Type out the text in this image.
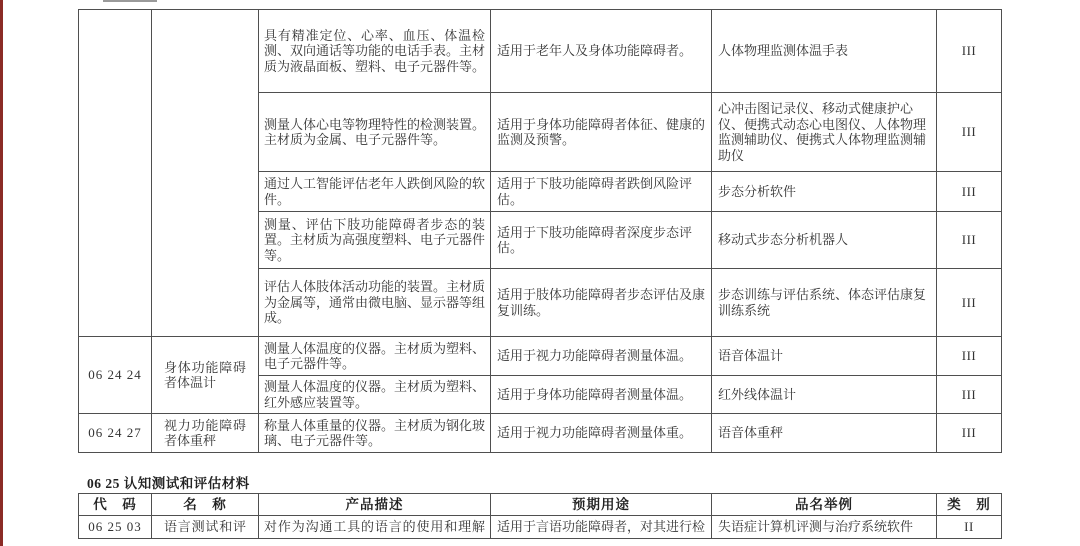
		具有精准定位、心率、血压、体温检测、双向通话等功能的电话手表。主材质为液晶面板、塑料、电子元器件等。	适用于老年人及身体功能障碍者。	人体物理监测体温手表	III
		测量人体心电等物理特性的检测装置。主材质为金属、电子元器件等。	适用于身体功能障碍者体征、健康的监测及预警。	心冲击图记录仪、移动式健康护心仪、便携式动态心电图仪、人体物理监测辅助仪、便携式人体物理监测辅助仪	III
		通过人工智能评估老年人跌倒风险的软件。	适用于下肢功能障碍者跌倒风险评估。	步态分析软件	III
		测量、评估下肢功能障碍者步态的装置。主材质为高强度塑料、电子元器件等。	适用于下肢功能障碍者深度步态评估。	移动式步态分析机器人	III
		评估人体肢体活动功能的装置。主材质为金属等，通常由微电脑、显示器等组成。	适用于肢体功能障碍者步态评估及康复训练。	步态训练与评估系统、体态评估康复训练系统	III
06 24 24	身体功能障碍者体温计	测量人体温度的仪器。主材质为塑料、电子元器件等。	适用于视力功能障碍者测量体温。	语音体温计	III
		测量人体温度的仪器。主材质为塑料、红外感应装置等。	适用于身体功能障碍者测量体温。	红外线体温计	III
06 24 27	视力功能障碍者体重秤	称量人体重量的仪器。主材质为钢化玻璃、电子元器件等。	适用于视力功能障碍者测量体重。	语音体重秤	III
06 25 认知测试和评估材料
代　码	名　称	产品描述	预期用途	品名举例	类　别
06 25 03	语言测试和评	对作为沟通工具的语言的使用和理解	适用于言语功能障碍者，对其进行检	失语症计算机评测与治疗系统软件	II
